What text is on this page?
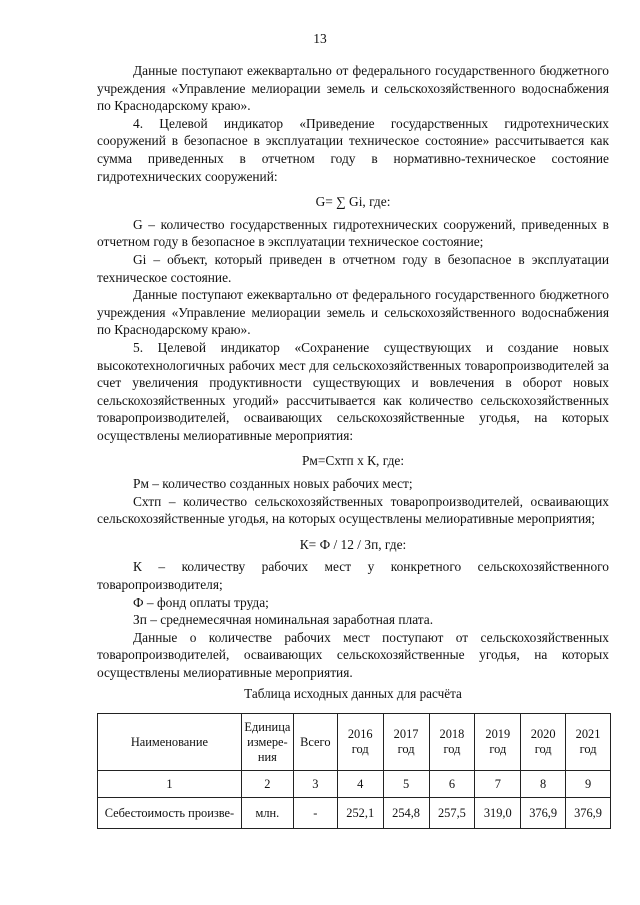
13

Данные поступают ежеквартально от федерального государственного бюджетного учреждения «Управление мелиорации земель и сельскохозяйственного водоснабжения по Краснодарскому краю».

4. Целевой индикатор «Приведение государственных гидротехнических сооружений в безопасное в эксплуатации техническое состояние» рассчитывается как сумма приведенных в отчетном году в нормативно-техническое состояние гидротехнических сооружений:

G= ∑ Gi, где:

G – количество государственных гидротехнических сооружений, приведенных в отчетном году в безопасное в эксплуатации техническое состояние;

Gi – объект, который приведен в отчетном году в безопасное в эксплуатации техническое состояние.

Данные поступают ежеквартально от федерального государственного бюджетного учреждения «Управление мелиорации земель и сельскохозяйственного водоснабжения по Краснодарскому краю».

5. Целевой индикатор «Сохранение существующих и создание новых высокотехнологичных рабочих мест для сельскохозяйственных товаропроизводителей за счет увеличения продуктивности существующих и вовлечения в оборот новых сельскохозяйственных угодий» рассчитывается как количество сельскохозяйственных товаропроизводителей, осваивающих сельскохозяйственные угодья, на которых осуществлены мелиоративные мероприятия:

Рм=Схтп x К, где:

Рм – количество созданных новых рабочих мест;

Схтп – количество сельскохозяйственных товаропроизводителей, осваивающих сельскохозяйственные угодья, на которых осуществлены мелиоративные мероприятия;

К= Ф / 12 / Зп, где:

К – количеству рабочих мест у конкретного сельскохозяйственного товаропроизводителя;

Ф – фонд оплаты труда;

Зп – среднемесячная номинальная заработная плата.

Данные о количестве рабочих мест поступают от сельскохозяйственных товаропроизводителей, осваивающих сельскохозяйственные угодья, на которых осуществлены мелиоративные мероприятия.

Таблица исходных данных для расчёта

Наименование	Единица измере-ния	Всего	2016 год	2017 год	2018 год	2019 год	2020 год	2021 год
1	2	3	4	5	6	7	8	9
Себестоимость произве-	млн.	-	252,1	254,8	257,5	319,0	376,9	376,9
